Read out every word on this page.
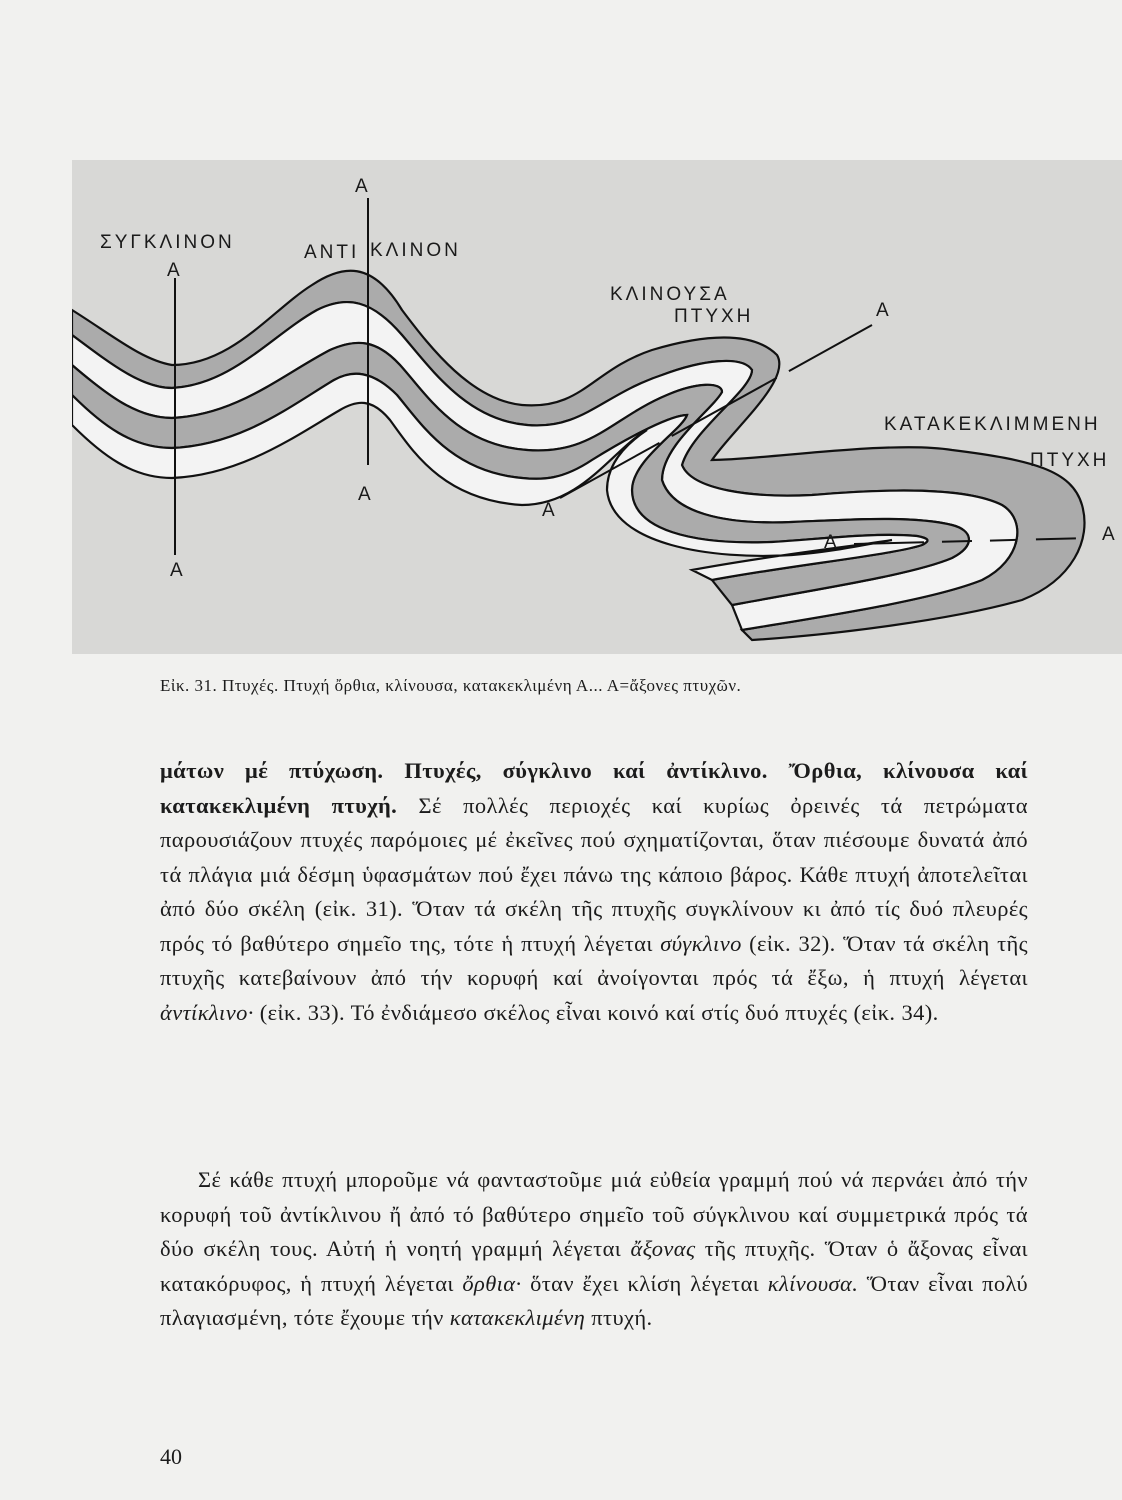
ΣΥΓΚΛΙΝΟΝ
Α
Α
Α
ΑΝΤΙ ΚΛΙΝΟΝ
Α
ΚΛΙΝΟΥΣΑ
ΠΤΥΧΗ	Α
Α
ΚΑΤΑΚΕΚΛΙΜΜΕΝΗ
ΠΤΥΧΗ
Α	Α
Εἰκ. 31. Πτυχές. Πτυχή ὄρθια, κλίνουσα, κατακεκλιμένη Α... Α=ἄξονες πτυχῶν.
μάτων μέ πτύχωση. Πτυχές, σύγκλινο καί ἀντίκλινο. Ὄρθια, κλίνουσα καί κατακεκλιμένη πτυχή. Σέ πολλές περιοχές καί κυρίως ὀρεινές τά πετρώματα παρουσιάζουν πτυχές παρόμοιες μέ ἐκεῖνες πού σχηματίζονται, ὅταν πιέσουμε δυνατά ἀπό τά πλάγια μιά δέσμη ὑφασμάτων πού ἔχει πάνω της κάποιο βάρος. Κάθε πτυχή ἀποτελεῖται ἀπό δύο σκέλη (εἰκ. 31). Ὅταν τά σκέλη τῆς πτυχῆς συγκλίνουν κι ἀπό τίς δυό πλευρές πρός τό βαθύτερο σημεῖο της, τότε ἡ πτυχή λέγεται σύγκλινο (εἰκ. 32). Ὅταν τά σκέλη τῆς πτυχῆς κατεβαίνουν ἀπό τήν κορυφή καί ἀνοίγονται πρός τά ἔξω, ἡ πτυχή λέγεται ἀντίκλινο· (εἰκ. 33). Τό ἐνδιάμεσο σκέλος εἶναι κοινό καί στίς δυό πτυχές (εἰκ. 34).
Σέ κάθε πτυχή μποροῦμε νά φανταστοῦμε μιά εὐθεία γραμμή πού νά περνάει ἀπό τήν κορυφή τοῦ ἀντίκλινου ἤ ἀπό τό βαθύτερο σημεῖο τοῦ σύγκλινου καί συμμετρικά πρός τά δύο σκέλη τους. Αὐτή ἡ νοητή γραμμή λέγεται ἄξονας τῆς πτυχῆς. Ὅταν ὁ ἄξονας εἶναι κατακόρυφος, ἡ πτυχή λέγεται ὄρθια· ὅταν ἔχει κλίση λέγεται κλίνουσα. Ὅταν εἶναι πολύ πλαγιασμένη, τότε ἔχουμε τήν κατακεκλιμένη πτυχή.
40
